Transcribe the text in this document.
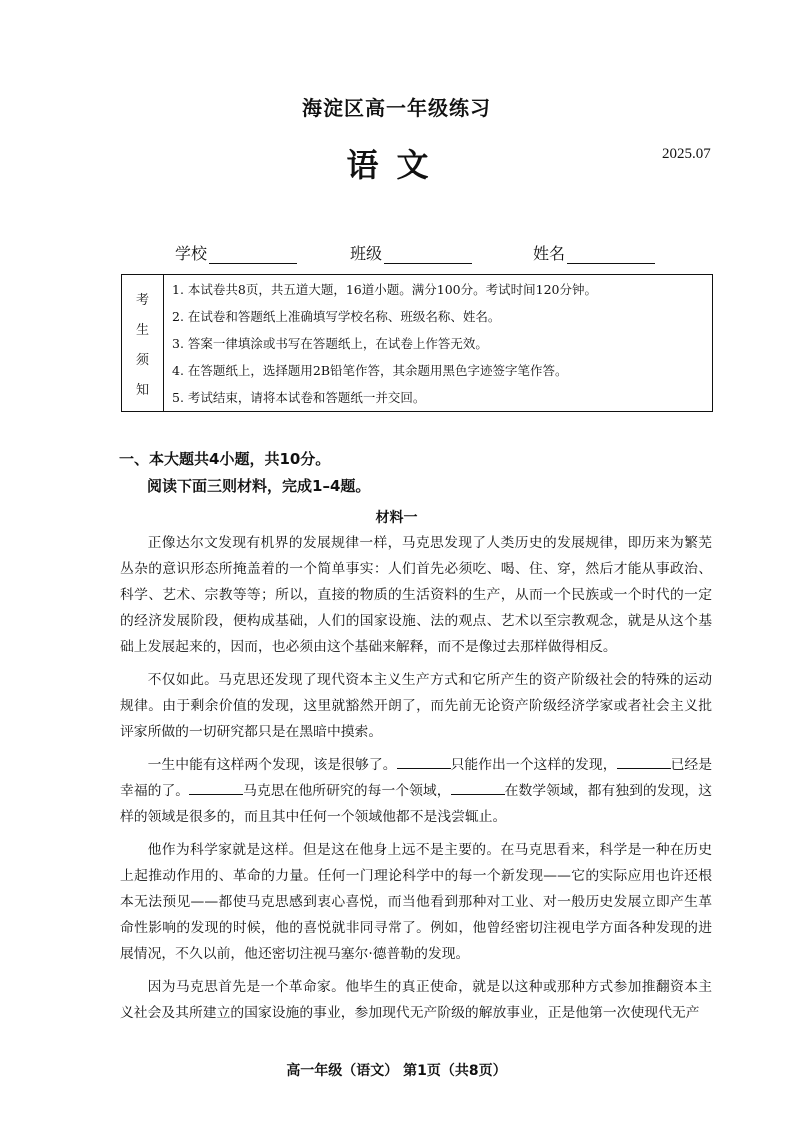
海淀区高一年级练习
语文	2025.07
学校	班级	姓名
考
生
须
知
1. 本试卷共8页，共五道大题，16道小题。满分100分。考试时间120分钟。
2. 在试卷和答题纸上准确填写学校名称、班级名称、姓名。
3. 答案一律填涂或书写在答题纸上，在试卷上作答无效。
4. 在答题纸上，选择题用2B铅笔作答，其余题用黑色字迹签字笔作答。
5. 考试结束，请将本试卷和答题纸一并交回。
一、本大题共4小题，共10分。
阅读下面三则材料，完成1–4题。
材料一

正像达尔文发现有机界的发展规律一样，马克思发现了人类历史的发展规律，即历来为繁芜丛杂的意识形态所掩盖着的一个简单事实：人们首先必须吃、喝、住、穿，然后才能从事政治、科学、艺术、宗教等等；所以，直接的物质的生活资料的生产，从而一个民族或一个时代的一定的经济发展阶段，便构成基础，人们的国家设施、法的观点、艺术以至宗教观念，就是从这个基础上发展起来的，因而，也必须由这个基础来解释，而不是像过去那样做得相反。

不仅如此。马克思还发现了现代资本主义生产方式和它所产生的资产阶级社会的特殊的运动规律。由于剩余价值的发现，这里就豁然开朗了，而先前无论资产阶级经济学家或者社会主义批评家所做的一切研究都只是在黑暗中摸索。

一生中能有这样两个发现，该是很够了。	只能作出一个这样的发现，	已经是幸福的了。	马克思在他所研究的每一个领域，	在数学领域，都有独到的发现，这样的领域是很多的，而且其中任何一个领域他都不是浅尝辄止。

他作为科学家就是这样。但是这在他身上远不是主要的。在马克思看来，科学是一种在历史上起推动作用的、革命的力量。任何一门理论科学中的每一个新发现——它的实际应用也许还根本无法预见——都使马克思感到衷心喜悦，而当他看到那种对工业、对一般历史发展立即产生革命性影响的发现的时候，他的喜悦就非同寻常了。例如，他曾经密切注视电学方面各种发现的进展情况，不久以前，他还密切注视马塞尔·德普勒的发现。

因为马克思首先是一个革命家。他毕生的真正使命，就是以这种或那种方式参加推翻资本主义社会及其所建立的国家设施的事业，参加现代无产阶级的解放事业，正是他第一次使现代无产

高一年级（语文） 第1页（共8页）
